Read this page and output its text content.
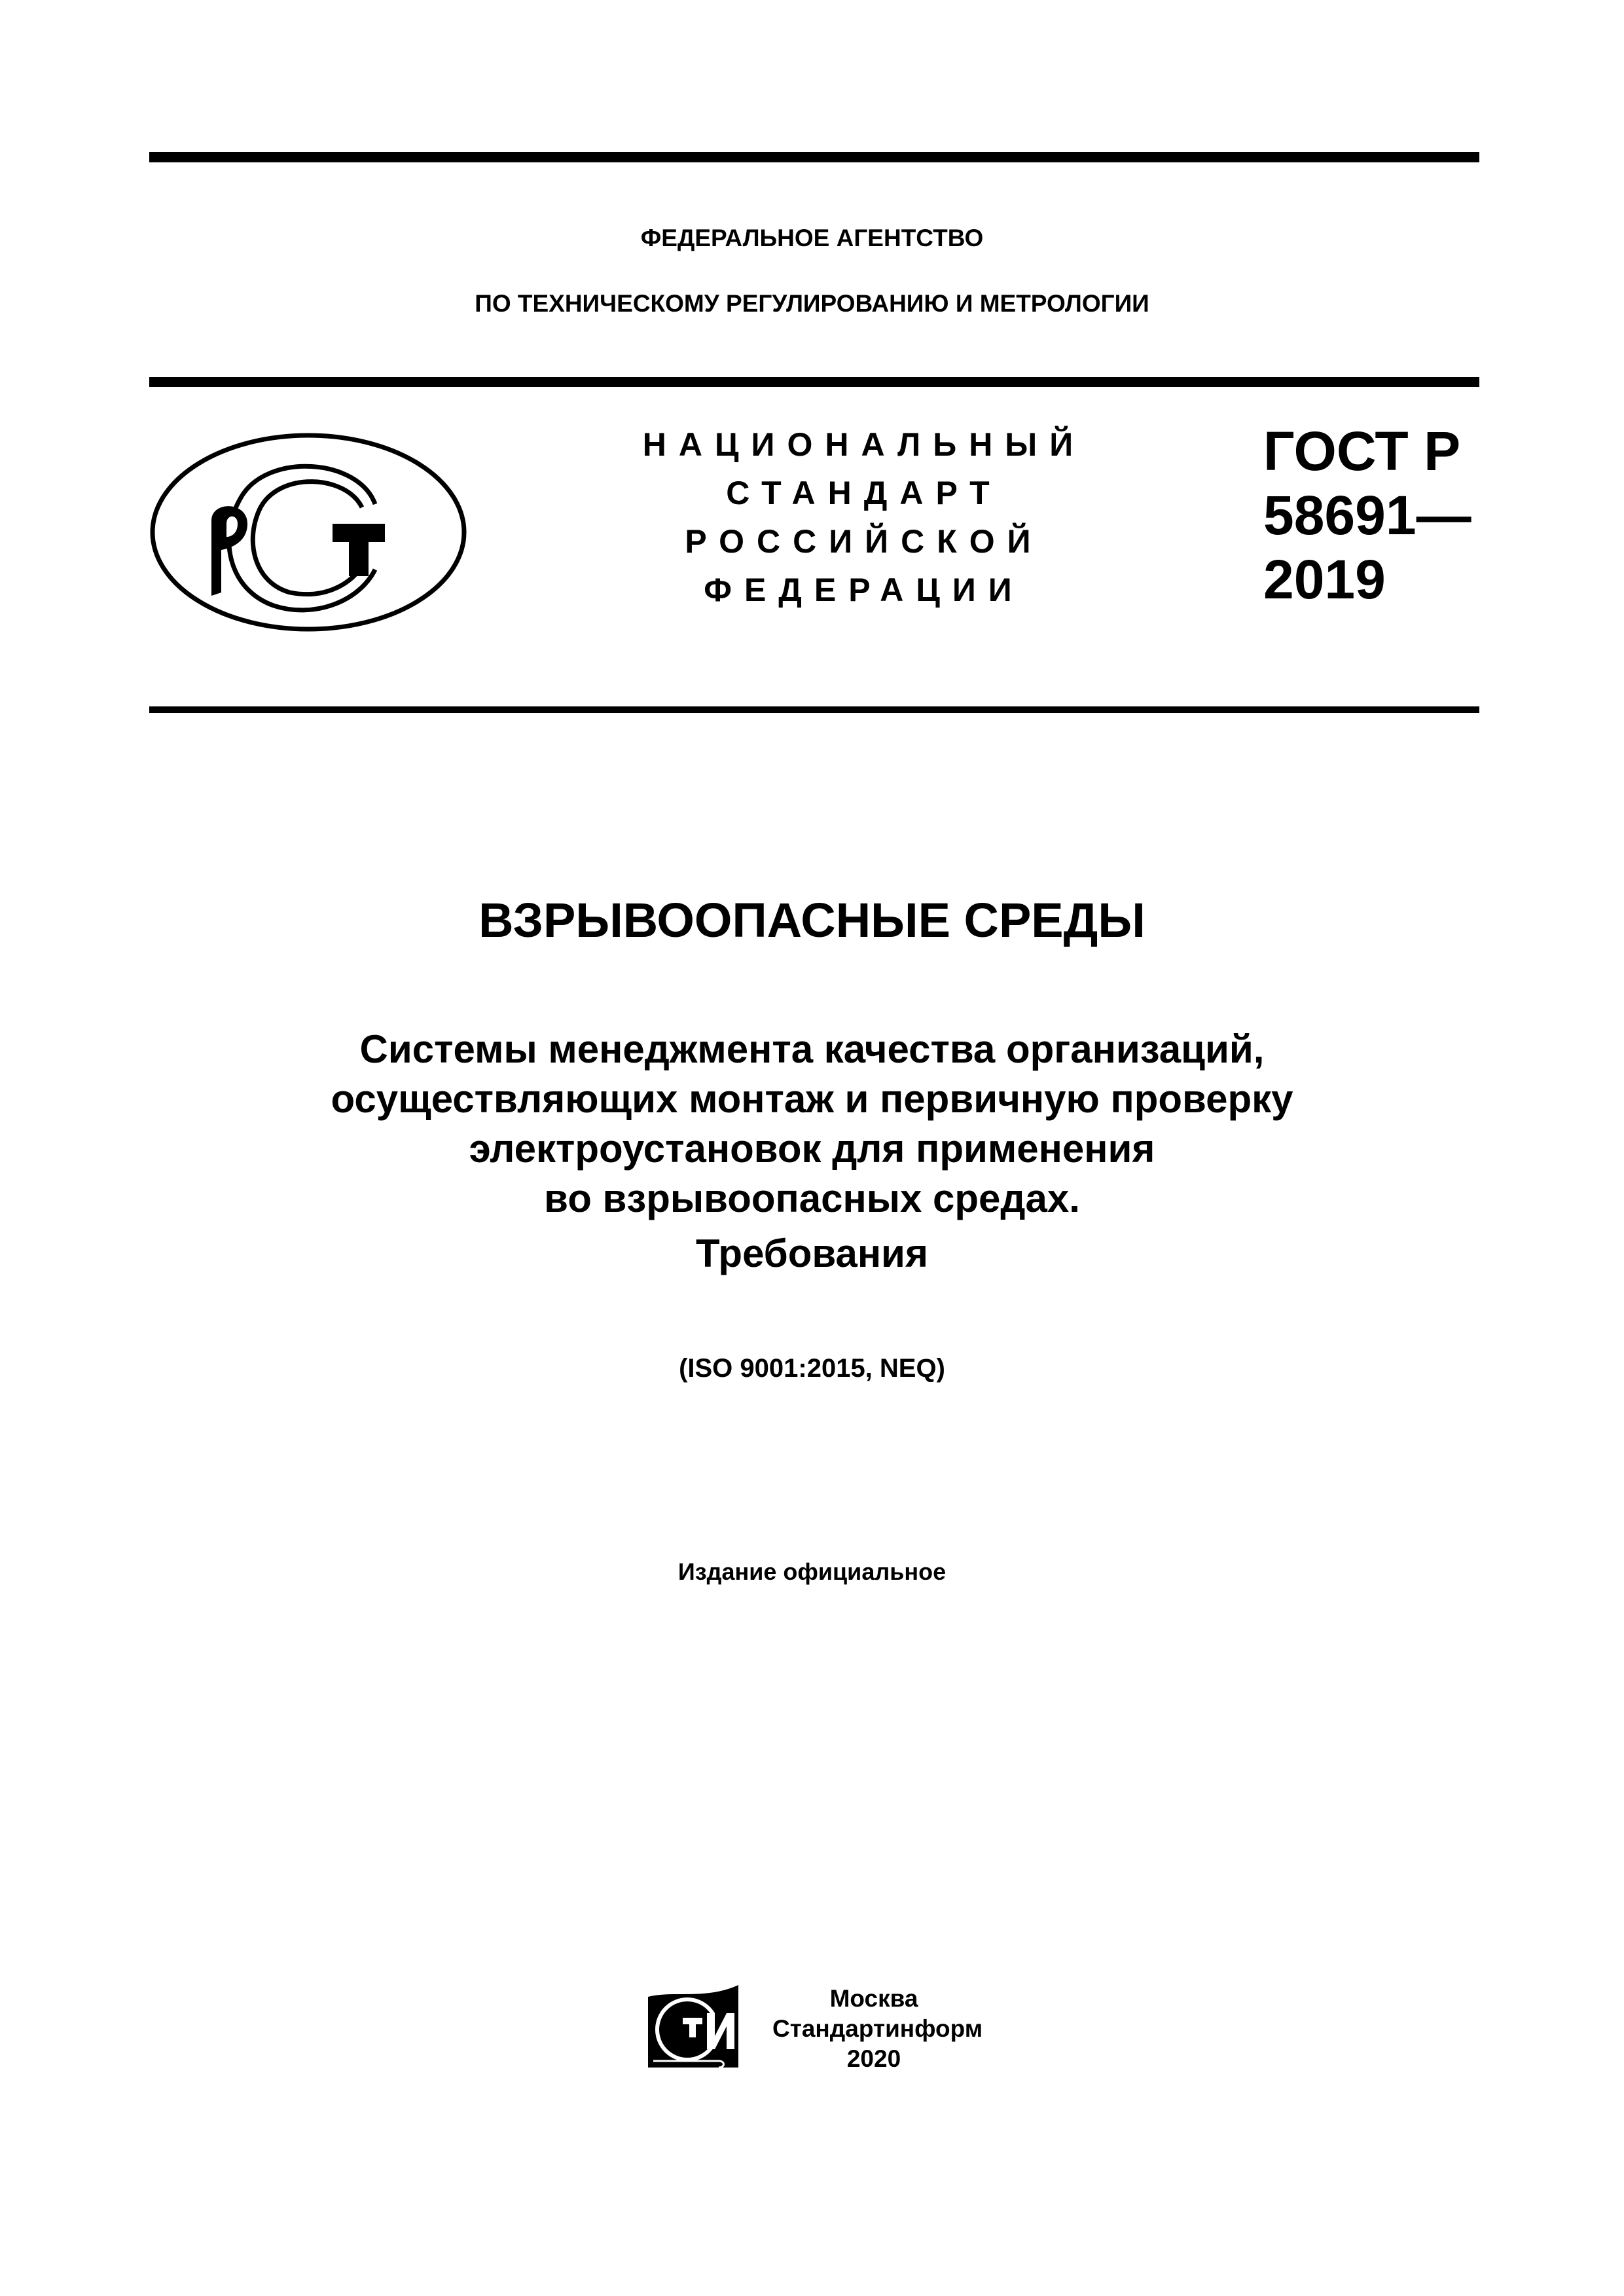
ФЕДЕРАЛЬНОЕ АГЕНТСТВО
ПО ТЕХНИЧЕСКОМУ РЕГУЛИРОВАНИЮ И МЕТРОЛОГИИ
НАЦИОНАЛЬНЫЙ
СТАНДАРТ
РОССИЙСКОЙ
ФЕДЕРАЦИИ
ГОСТ Р
58691—
2019
ВЗРЫВООПАСНЫЕ СРЕДЫ
Системы менеджмента качества организаций,
осуществляющих монтаж и первичную проверку
электроустановок для применения
во взрывоопасных средах.
Требования
(ISO 9001:2015, NEQ)
Издание официальное
Москва
Стандартинформ
2020
